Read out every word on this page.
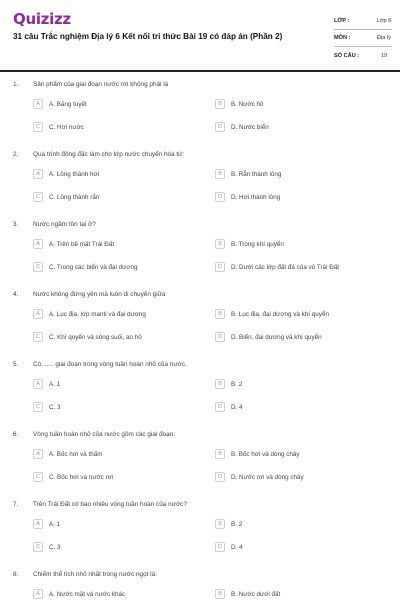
Quizizz
31 câu Trắc nghiệm Địa lý 6 Kết nối tri thức Bài 19 có đáp án (Phần 2)
LỚP :	Lớp 6
MÔN :	Địa lý
SỐ CÂU :	19
1.	Sản phẩm của giai đoạn nước rơi không phải là
A	A. Băng tuyết	B	B. Nước hồ
C	C. Hơi nước	D	D. Nước biển
2.	Quá trình đông đặc làm cho lớp nước chuyển hóa từ:
A	A. Lỏng thành hơi	B	B. Rắn thành lỏng
C	C. Lỏng thành rắn	D	D. Hơi thành lỏng
3.	Nước ngầm tồn tại ở?
A	A. Trên bề mặt Trái Đất	B	B. Trong khí quyển
C	C. Trong các biển và đại dương	D	D. Dưới các lớp đất đá của vỏ Trái Đất
4.	Nước không đứng yên mà luôn di chuyển giữa
A	A. Lục địa, lớp manti và đại dương	B	B. Lục địa, đại dương và khí quyển
C	C. Khí quyển và sông suối, ao hồ	D	D. Biển, đại dương và khí quyển
5.	Có....... giai đoạn trong vòng tuần hoàn nhỏ của nước.
A	A. 1	B	B. 2
C	C. 3	D	D. 4
6.	Vòng tuần hoàn nhỏ của nước gồm các giai đoạn:
A	A. Bốc hơi và thấm	B	B. Bốc hơi và dòng chảy
C	C. Bốc hơi và nước rơi	D	D. Nước rơi và dòng chảy
7.	Trên Trái Đất có bao nhiêu vòng tuần hoàn của nước?
A	A. 1	B	B. 2
C	C. 3	D	D. 4
8.	Chiếm thể tích nhỏ nhất trong nước ngọt là:
A	A. Nước mặt và nước khác	B	B. Nước dưới đất
